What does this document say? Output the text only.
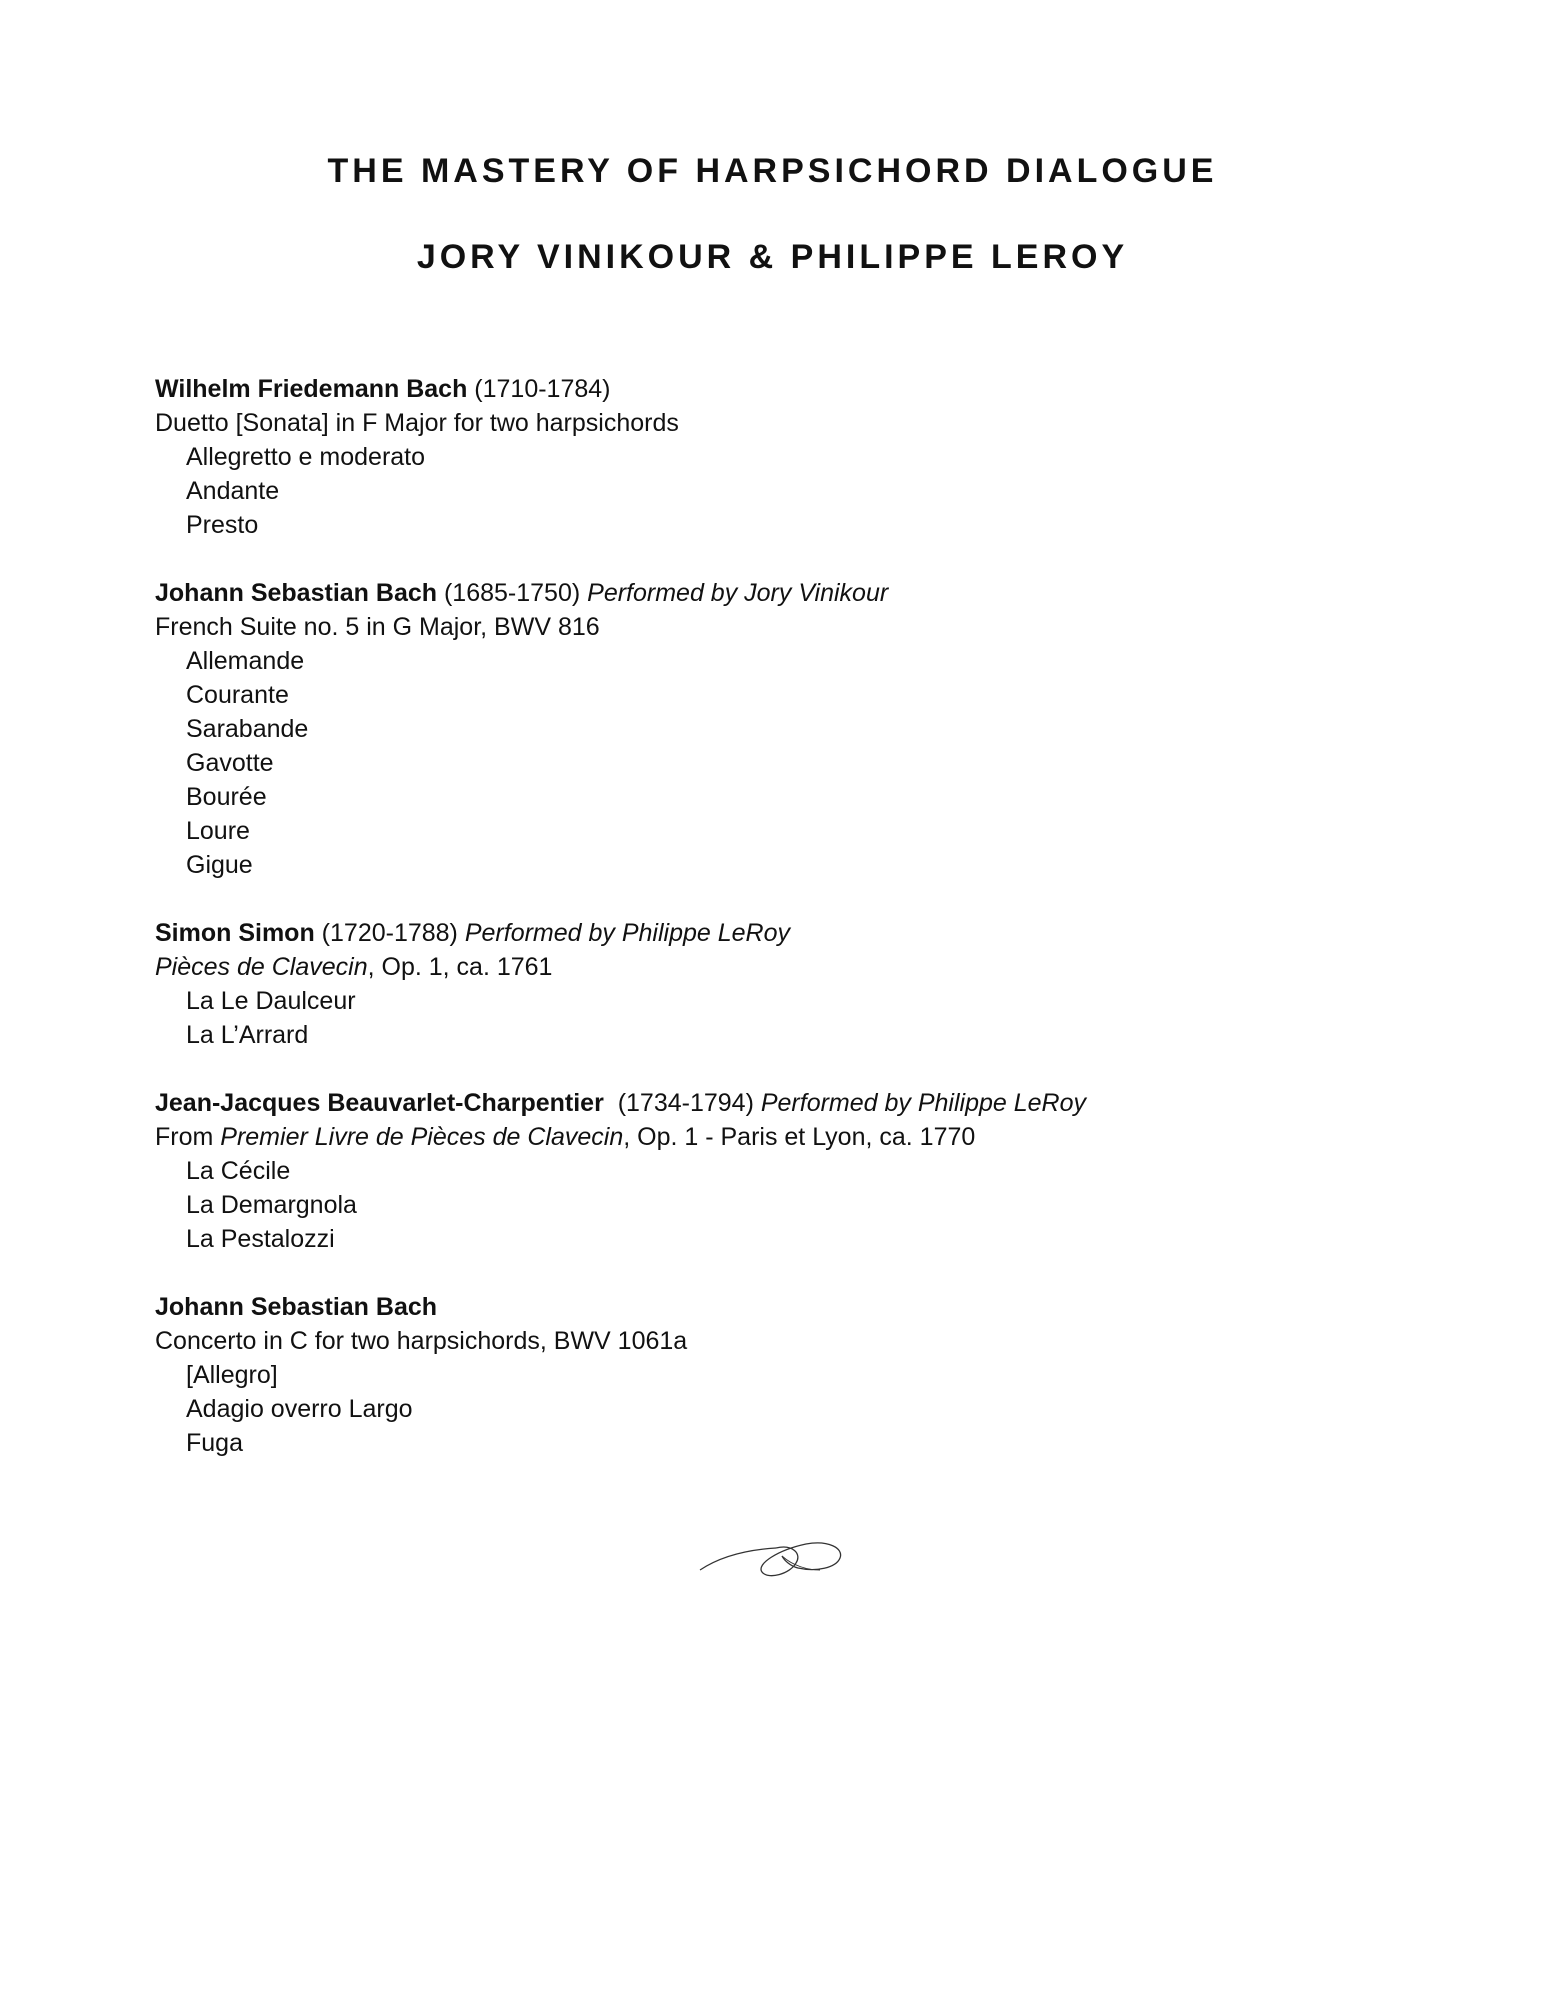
THE MASTERY OF HARPSICHORD DIALOGUE
JORY VINIKOUR & PHILIPPE LEROY
Wilhelm Friedemann Bach (1710-1784)
Duetto [Sonata] in F Major for two harpsichords
Allegretto e moderato
Andante
Presto
Johann Sebastian Bach (1685-1750) Performed by Jory Vinikour
French Suite no. 5 in G Major, BWV 816
Allemande
Courante
Sarabande
Gavotte
Bourée
Loure
Gigue
Simon Simon (1720-1788) Performed by Philippe LeRoy
Pièces de Clavecin, Op. 1, ca. 1761
La Le Daulceur
La L’Arrard
Jean-Jacques Beauvarlet-Charpentier  (1734-1794) Performed by Philippe LeRoy
From Premier Livre de Pièces de Clavecin, Op. 1 - Paris et Lyon, ca. 1770
La Cécile
La Demargnola
La Pestalozzi
Johann Sebastian Bach
Concerto in C for two harpsichords, BWV 1061a
[Allegro]
Adagio overro Largo
Fuga
